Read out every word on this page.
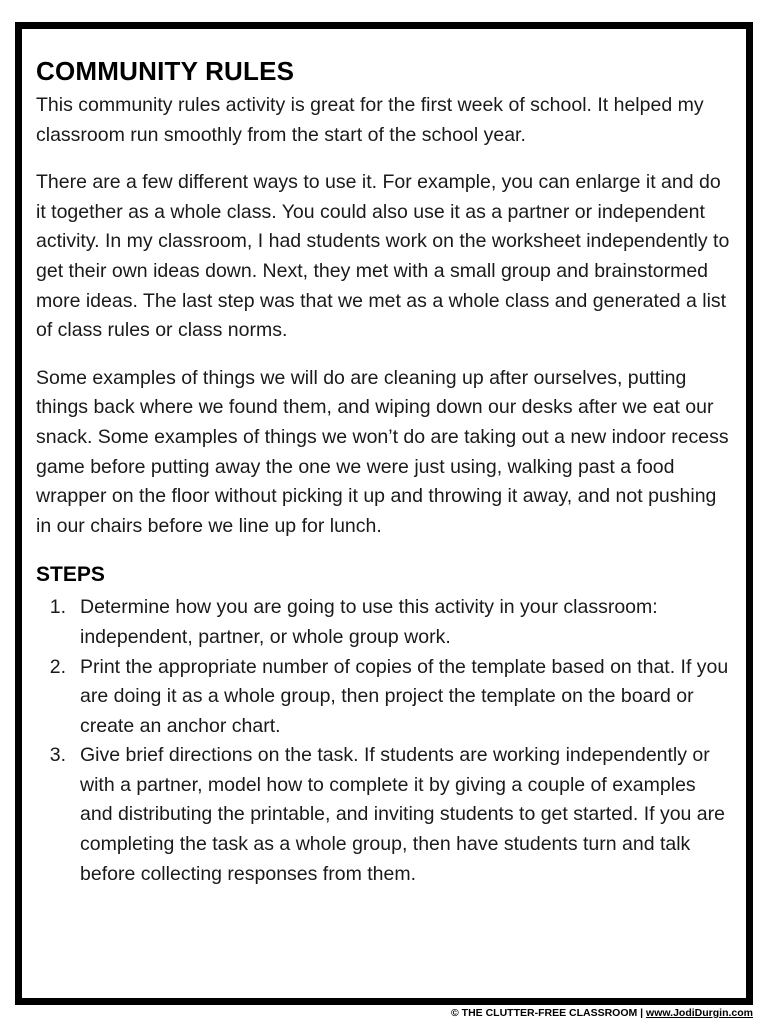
COMMUNITY RULES

This community rules activity is great for the first week of school. It helped my classroom run smoothly from the start of the school year.

There are a few different ways to use it. For example, you can enlarge it and do it together as a whole class. You could also use it as a partner or independent activity. In my classroom, I had students work on the worksheet independently to get their own ideas down. Next, they met with a small group and brainstormed more ideas. The last step was that we met as a whole class and generated a list of class rules or class norms.

Some examples of things we will do are cleaning up after ourselves, putting things back where we found them, and wiping down our desks after we eat our snack. Some examples of things we won’t do are taking out a new indoor recess game before putting away the one we were just using, walking past a food wrapper on the floor without picking it up and throwing it away, and not pushing in our chairs before we line up for lunch.

STEPS
1. Determine how you are going to use this activity in your classroom: independent, partner, or whole group work.
2. Print the appropriate number of copies of the template based on that. If you are doing it as a whole group, then project the template on the board or create an anchor chart.
3. Give brief directions on the task. If students are working independently or with a partner, model how to complete it by giving a couple of examples and distributing the printable, and inviting students to get started. If you are completing the task as a whole group, then have students turn and talk before collecting responses from them.
© THE CLUTTER-FREE CLASSROOM | www.JodiDurgin.com
